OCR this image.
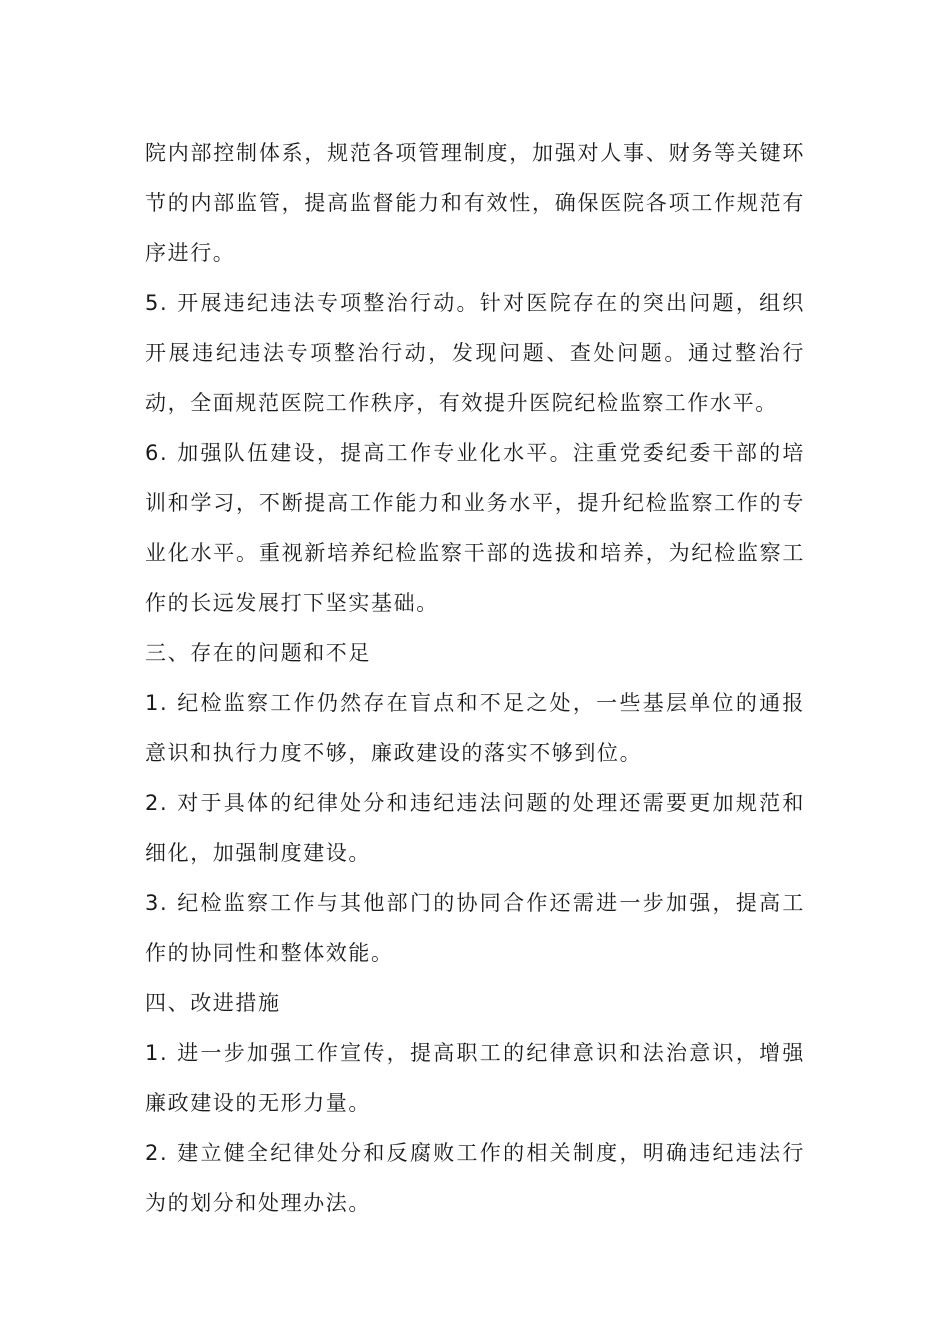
院内部控制体系，规范各项管理制度，加强对人事、财务等关键环节的内部监管，提高监督能力和有效性，确保医院各项工作规范有序进行。

5. 开展违纪违法专项整治行动。针对医院存在的突出问题，组织开展违纪违法专项整治行动，发现问题、查处问题。通过整治行动，全面规范医院工作秩序，有效提升医院纪检监察工作水平。

6. 加强队伍建设，提高工作专业化水平。注重党委纪委干部的培训和学习，不断提高工作能力和业务水平，提升纪检监察工作的专业化水平。重视新培养纪检监察干部的选拔和培养，为纪检监察工作的长远发展打下坚实基础。

三、存在的问题和不足

1. 纪检监察工作仍然存在盲点和不足之处，一些基层单位的通报意识和执行力度不够，廉政建设的落实不够到位。

2. 对于具体的纪律处分和违纪违法问题的处理还需要更加规范和细化，加强制度建设。

3. 纪检监察工作与其他部门的协同合作还需进一步加强，提高工作的协同性和整体效能。

四、改进措施

1. 进一步加强工作宣传，提高职工的纪律意识和法治意识，增强廉政建设的无形力量。

2. 建立健全纪律处分和反腐败工作的相关制度，明确违纪违法行为的划分和处理办法。
